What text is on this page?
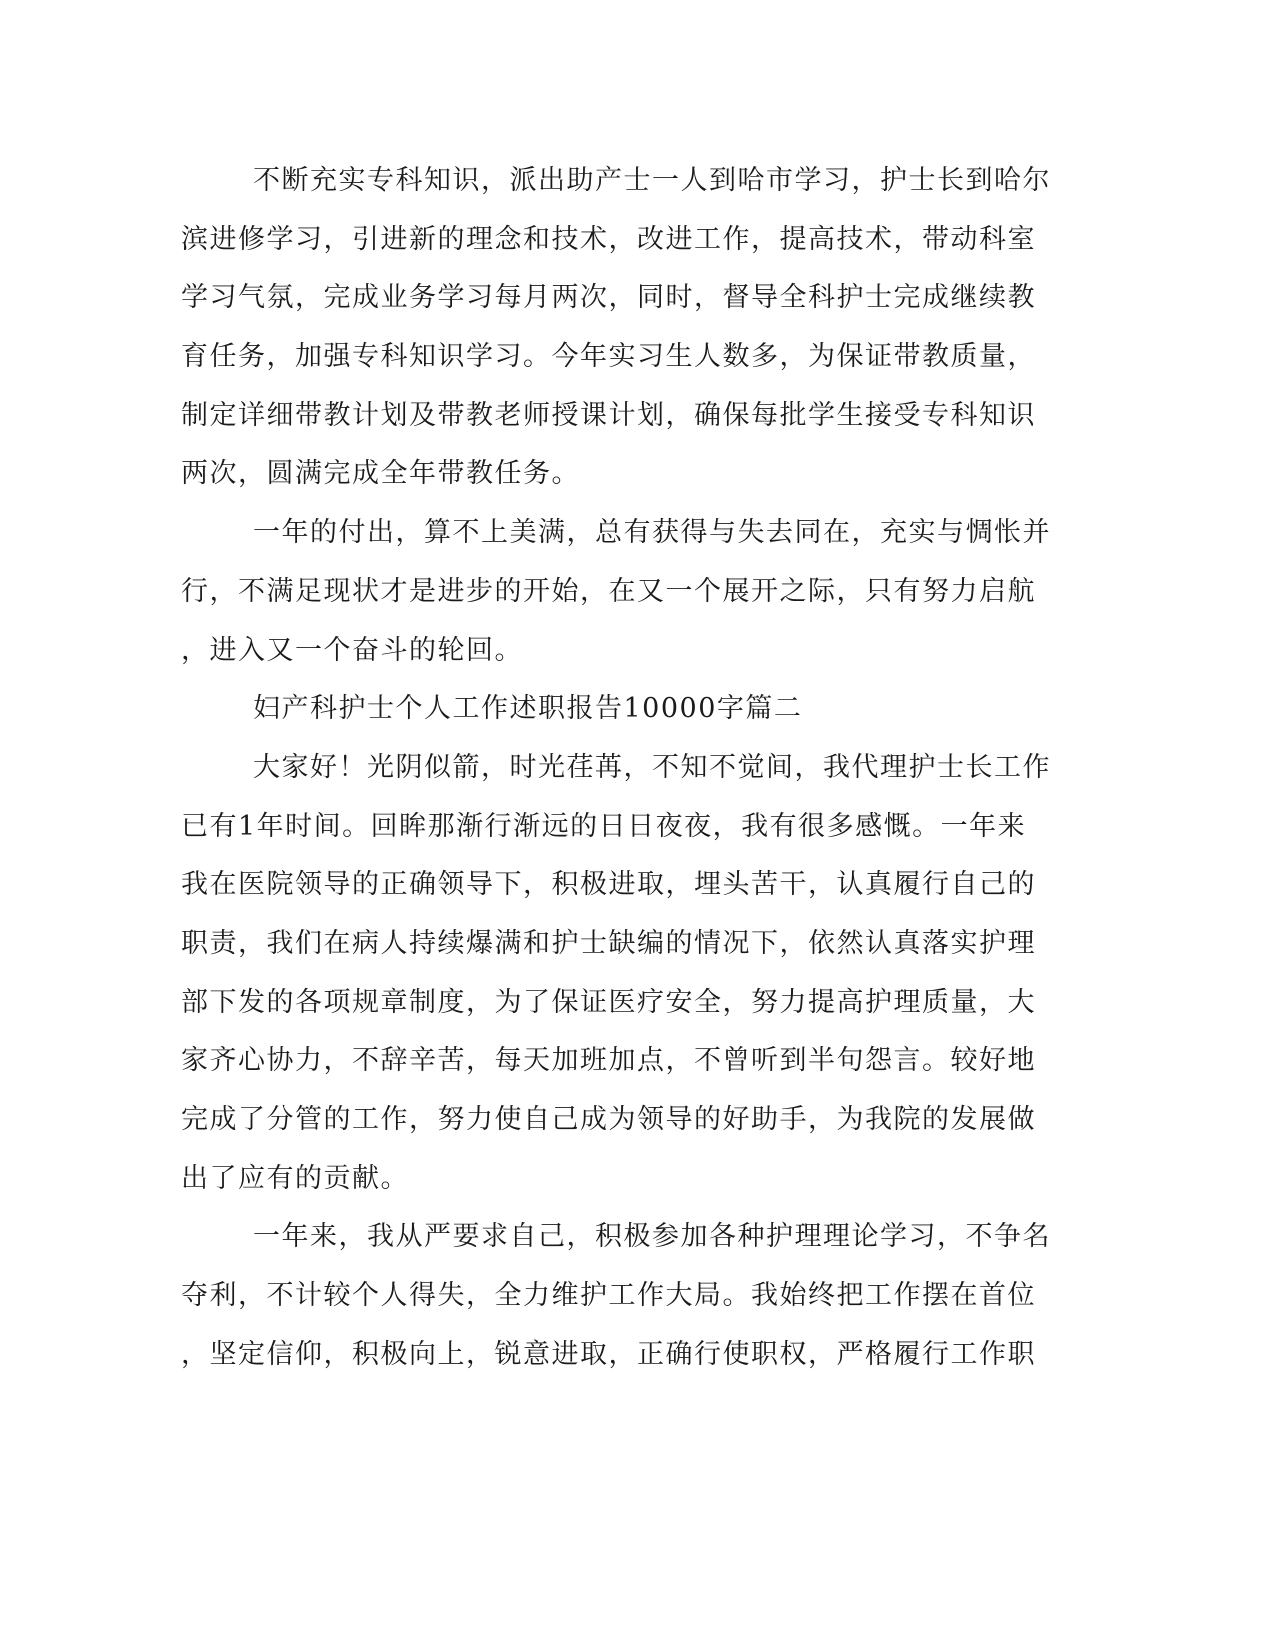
不断充实专科知识，派出助产士一人到哈市学习，护士长到哈尔
滨进修学习，引进新的理念和技术，改进工作，提高技术，带动科室
学习气氛，完成业务学习每月两次，同时，督导全科护士完成继续教
育任务，加强专科知识学习。今年实习生人数多，为保证带教质量，
制定详细带教计划及带教老师授课计划，确保每批学生接受专科知识
两次，圆满完成全年带教任务。
一年的付出，算不上美满，总有获得与失去同在，充实与惆怅并
行，不满足现状才是进步的开始，在又一个展开之际，只有努力启航
，进入又一个奋斗的轮回。
妇产科护士个人工作述职报告10000字篇二
大家好！光阴似箭，时光荏苒，不知不觉间，我代理护士长工作
已有1年时间。回眸那渐行渐远的日日夜夜，我有很多感慨。一年来
我在医院领导的正确领导下，积极进取，埋头苦干，认真履行自己的
职责，我们在病人持续爆满和护士缺编的情况下，依然认真落实护理
部下发的各项规章制度，为了保证医疗安全，努力提高护理质量，大
家齐心协力，不辞辛苦，每天加班加点，不曾听到半句怨言。较好地
完成了分管的工作，努力使自己成为领导的好助手，为我院的发展做
出了应有的贡献。
一年来，我从严要求自己，积极参加各种护理理论学习，不争名
夺利，不计较个人得失，全力维护工作大局。我始终把工作摆在首位
，坚定信仰，积极向上，锐意进取，正确行使职权，严格履行工作职
